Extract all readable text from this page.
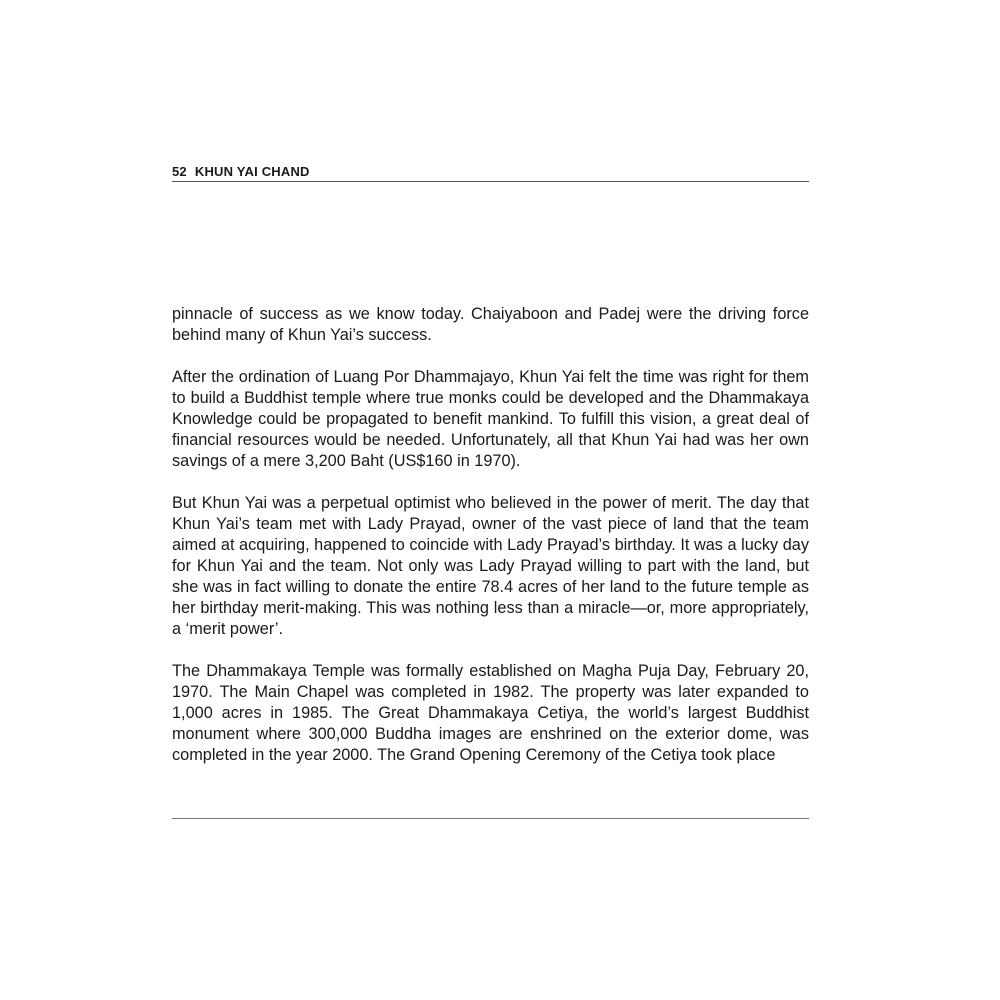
52 KHUN YAI CHAND

pinnacle of success as we know today. Chaiyaboon and Padej were the driving force behind many of Khun Yai’s success.

After the ordination of Luang Por Dhammajayo, Khun Yai felt the time was right for them to build a Buddhist temple where true monks could be developed and the Dhammakaya Knowledge could be propagated to benefit mankind. To fulfill this vision, a great deal of financial resources would be needed. Unfortunately, all that Khun Yai had was her own savings of a mere 3,200 Baht (US$160 in 1970).

But Khun Yai was a perpetual optimist who believed in the power of merit. The day that Khun Yai’s team met with Lady Prayad, owner of the vast piece of land that the team aimed at acquiring, happened to coincide with Lady Prayad’s birthday. It was a lucky day for Khun Yai and the team. Not only was Lady Prayad willing to part with the land, but she was in fact willing to donate the entire 78.4 acres of her land to the future temple as her birthday merit-making. This was nothing less than a miracle—or, more appropriately, a ‘merit power’.

The Dhammakaya Temple was formally established on Magha Puja Day, February 20, 1970. The Main Chapel was completed in 1982. The property was later expanded to 1,000 acres in 1985. The Great Dhammakaya Cetiya, the world’s largest Buddhist monument where 300,000 Buddha images are enshrined on the exterior dome, was completed in the year 2000. The Grand Opening Ceremony of the Cetiya took place
